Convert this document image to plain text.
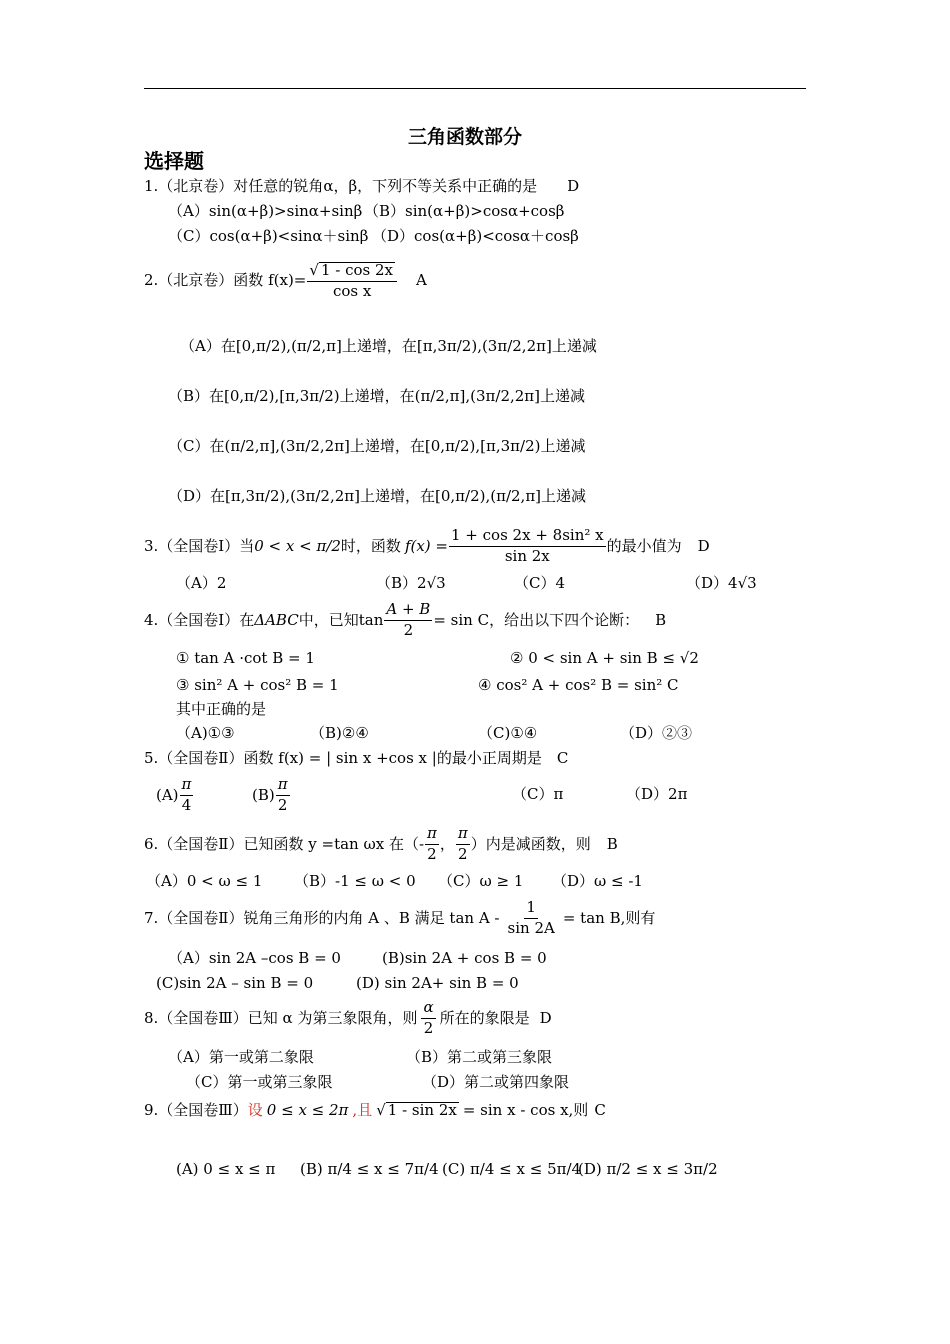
三角函数部分
选择题
1.（北京卷）对任意的锐角α，β，下列不等关系中正确的是　　 D
（A）sin(α+β)>sinα+sinβ （B）sin(α+β)>cosα+cosβ
（C）cos(α+β)<sinα＋sinβ （D）cos(α+β)<cosα＋cosβ
2.（北京卷）函数 $f(x)= \frac{√ 1 - \cos 2x}{\text{cos x}}$ A
（A）在[0,π/2),(π/2,π]上递增，在[π,3π/2),(3π/2,2π]上递减
（B）在[0,π/2),[π,3π/2)上递增，在(π/2,π],(3π/2,2π]上递减
（C）在(π/2,π],(3π/2,2π]上递增，在[0,π/2),[π,3π/2)上递减
（D）在[π,3π/2),(3π/2,2π]上递增，在[0,π/2),(π/2,π]上递减
3.（全国卷Ⅰ）当 0 < x < π/2 时，函数 $f(x) = \frac{\text{1 + cos 2x + 8sin² x}}{\sin 2x}$ 的最小值为 D
（A）2	（B）2√3	（C）4	（D）4√3
4.（全国卷Ⅰ）在 ΔABC 中，已知 $\tan \frac{A + B}{2} = \sin C$ ，给出以下四个论断： B
① tan A ·cot B = 1	② 0 < sin A + sin B ≤ √2
③ sin² A + cos² B = 1	④ cos² A + cos² B = sin² C
其中正确的是
（A)①③	（B)②④	（C)①④	（D）②③
5.（全国卷Ⅱ）函数 f(x) = | sin x +cos x |的最小正周期是　 C
$(A) \frac{\pi}{4}$	$(B) \frac{\pi}{2}$	（C）π	（D）2π
6.（全国卷Ⅱ）已知函数 y =tan ωx 在（- $\frac{\pi}{2}$ ， $\frac{\pi}{2}$ ）内是减函数，则 B
（A）0 < ω ≤ 1 （B）-1 ≤ ω < 0 （C）ω ≥ 1 （D）ω ≤ -1
7.（全国卷Ⅱ）锐角三角形的内角 A 、B 满足 $\tan A - \frac{1}{\sin 2A} = \tan B$,则有
（A）sin 2A –cos B = 0	(B)sin 2A + cos B = 0
(C)sin 2A – sin B = 0	(D) sin 2A+ sin B = 0
8.（全国卷Ⅲ）已知 α 为第三象限角，则 $\frac{\alpha}{2}$ 所在的象限是 D
（A）第一或第二象限	（B）第二或第三象限
（C）第一或第三象限	（D）第二或第四象限
9.（全国卷Ⅲ） 设 0 ≤ x ≤ 2π ,且 √ 1 - sin 2x = sin x - cos x ,则 C
(A) 0 ≤ x ≤ π (B) π/4 ≤ x ≤ 7π/4 (C) π/4 ≤ x ≤ 5π/4
(D) π/2 ≤ x ≤ 3π/2
